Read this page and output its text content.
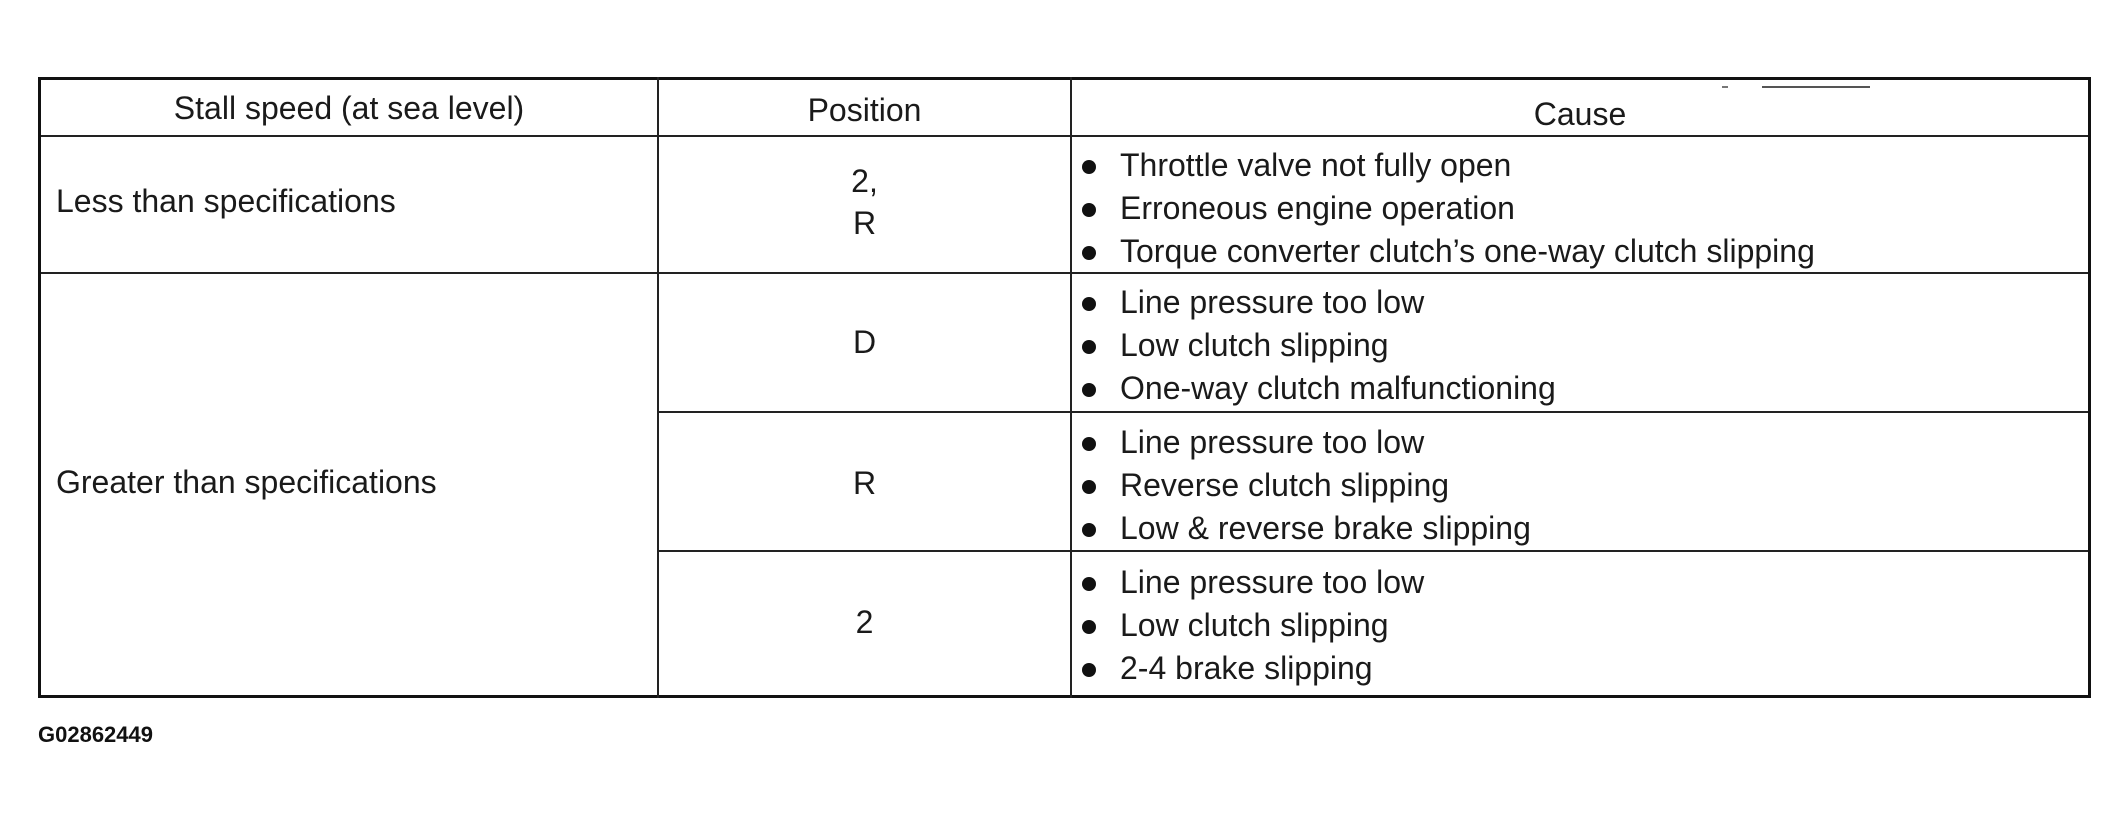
Stall speed (at sea level)	Position	Cause
Less than specifications
2,
R
Throttle valve not fully open
Erroneous engine operation
Torque converter clutch’s one-way clutch slipping
Greater than specifications
D
Line pressure too low
Low clutch slipping
One-way clutch malfunctioning
R
Line pressure too low
Reverse clutch slipping
Low & reverse brake slipping
2
Line pressure too low
Low clutch slipping
2-4 brake slipping
G02862449
